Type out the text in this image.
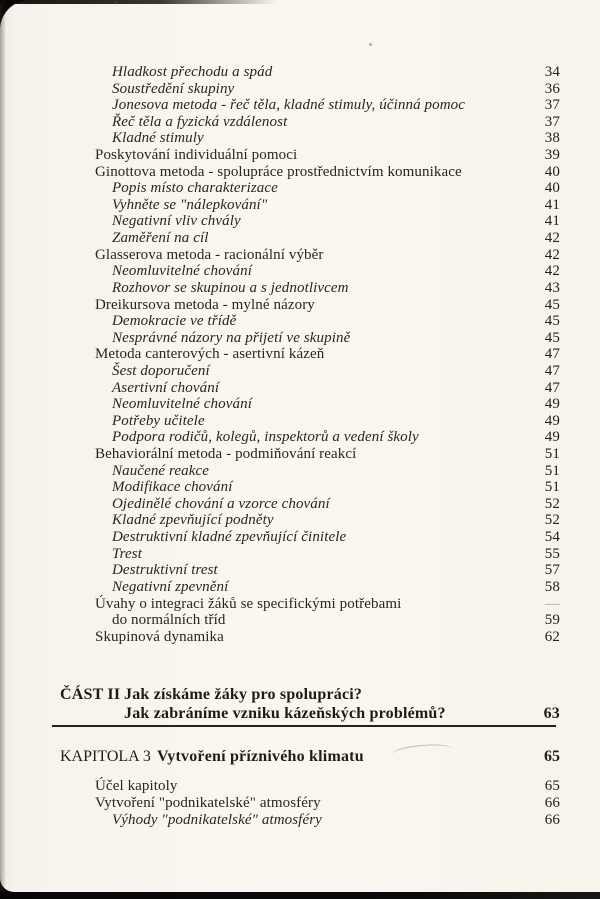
Hladkost přechodu a spád	34
Soustředění skupiny	36
Jonesova metoda - řeč těla, kladné stimuly, účinná pomoc	37
Řeč těla a fyzická vzdálenost	37
Kladné stimuly	38
Poskytování individuální pomoci	39
Ginottova metoda - spolupráce prostřednictvím komunikace	40
Popis místo charakterizace	40
Vyhněte se "nálepkování"	41
Negativní vliv chvály	41
Zaměření na cíl	42
Glasserova metoda - racionální výběr	42
Neomluvitelné chování	42
Rozhovor se skupinou a s jednotlivcem	43
Dreikursova metoda - mylné názory	45
Demokracie ve třídě	45
Nesprávné názory na přijetí ve skupině	45
Metoda canterových - asertivní kázeň	47
Šest doporučení	47
Asertivní chování	47
Neomluvitelné chování	49
Potřeby učitele	49
Podpora rodičů, kolegů, inspektorů a vedení školy	49
Behaviorální metoda - podmiňování reakcí	51
Naučené reakce	51
Modifikace chování	51
Ojedinělé chování a vzorce chování	52
Kladné zpevňující podněty	52
Destruktivní kladné zpevňující činitele	54
Trest	55
Destruktivní trest	57
Negativní zpevnění	58
Úvahy o integraci žáků se specifickými potřebami	—
do normálních tříd	59
Skupinová dynamika	62
ČÁST II Jak získáme žáky pro spolupráci?
Jak zabráníme vzniku kázeňských problémů?	63
KAPITOLA 3 Vytvoření příznivého klimatu	65
Účel kapitoly	65
Vytvoření "podnikatelské" atmosféry	66
Výhody "podnikatelské" atmosféry	66
